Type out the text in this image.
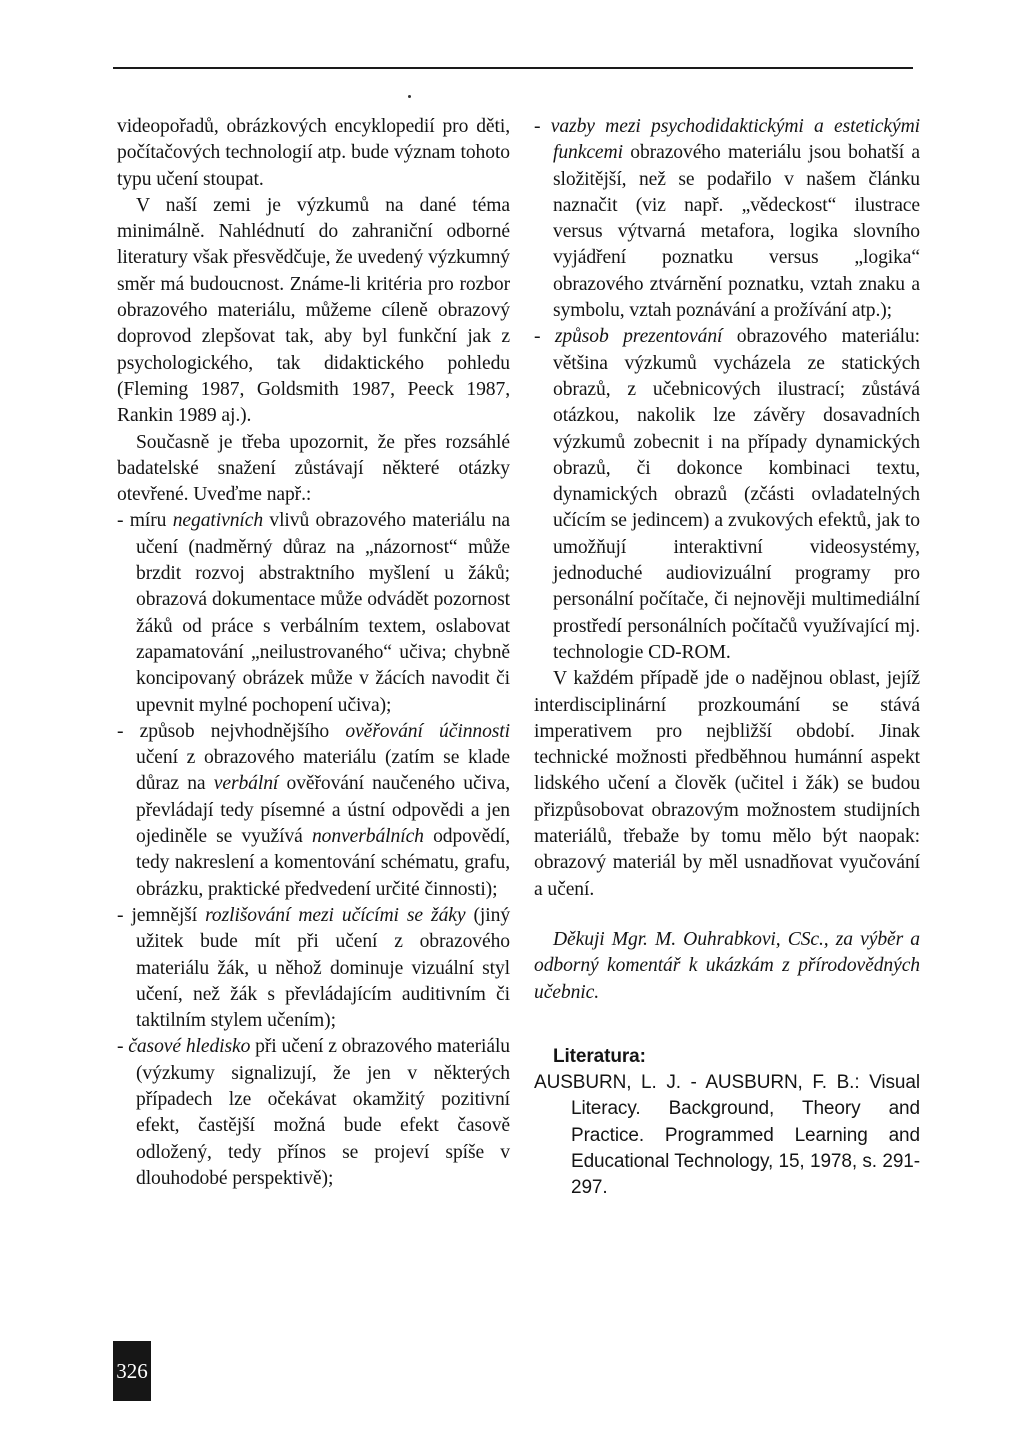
videopořadů, obrázkových encyklopedií pro děti, počítačových technologií atp. bude význam tohoto typu učení stoupat.

V naší zemi je výzkumů na dané téma minimálně. Nahlédnutí do zahraniční odborné literatury však přesvědčuje, že uvedený výzkumný směr má budoucnost. Známe-li kritéria pro rozbor obrazového materiálu, můžeme cíleně obrazový doprovod zlepšovat tak, aby byl funkční jak z psychologického, tak didaktického pohledu (Fleming 1987, Goldsmith 1987, Peeck 1987, Rankin 1989 aj.).

Současně je třeba upozornit, že přes rozsáhlé badatelské snažení zůstávají některé otázky otevřené. Uveďme např.:

- míru negativních vlivů obrazového materiálu na učení (nadměrný důraz na „názornost“ může brzdit rozvoj abstraktního myšlení u žáků; obrazová dokumentace může odvádět pozornost žáků od práce s verbálním textem, oslabovat zapamatování „neilustrovaného“ učiva; chybně koncipovaný obrázek může v žácích navodit či upevnit mylné pochopení učiva);

- způsob nejvhodnějšího ověřování účinnosti učení z obrazového materiálu (zatím se klade důraz na verbální ověřování naučeného učiva, převládají tedy písemné a ústní odpovědi a jen ojediněle se využívá nonverbálních odpovědí, tedy nakreslení a komentování schématu, grafu, obrázku, praktické předvedení určité činnosti);

- jemnější rozlišování mezi učícími se žáky (jiný užitek bude mít při učení z obrazového materiálu žák, u něhož dominuje vizuální styl učení, než žák s převládajícím auditivním či taktilním stylem učením);

- časové hledisko při učení z obrazového materiálu (výzkumy signalizují, že jen v některých případech lze očekávat okamžitý pozitivní efekt, častější možná bude efekt časově odložený, tedy přínos se projeví spíše v dlouhodobé perspektivě);

- vazby mezi psychodidaktickými a estetickými funkcemi obrazového materiálu jsou bohatší a složitější, než se podařilo v našem článku naznačit (viz např. „vědeckost“ ilustrace versus výtvarná metafora, logika slovního vyjádření poznatku versus „logika“ obrazového ztvárnění poznatku, vztah znaku a symbolu, vztah poznávání a prožívání atp.);

- způsob prezentování obrazového materiálu: většina výzkumů vycházela ze statických obrazů, z učebnicových ilustrací; zůstává otázkou, nakolik lze závěry dosavadních výzkumů zobecnit i na případy dynamických obrazů, či dokonce kombinaci textu, dynamických obrazů (zčásti ovladatelných učícím se jedincem) a zvukových efektů, jak to umožňují interaktivní videosystémy, jednoduché audiovizuální programy pro personální počítače, či nejnověji multimediální prostředí personálních počítačů využívající mj. technologie CD-ROM.

V každém případě jde o nadějnou oblast, jejíž interdisciplinární prozkoumání se stává imperativem pro nejbližší období. Jinak technické možnosti předběhnou humánní aspekt lidského učení a člověk (učitel i žák) se budou přizpůsobovat obrazovým možnostem studijních materiálů, třebaže by tomu mělo být naopak: obrazový materiál by měl usnadňovat vyučování a učení.

Děkuji Mgr. M. Ouhrabkovi, CSc., za výběr a odborný komentář k ukázkám z přírodovědných učebnic.

Literatura:

AUSBURN, L. J. - AUSBURN, F. B.: Visual Literacy. Background, Theory and Practice. Programmed Learning and Educational Technology, 15, 1978, s. 291-297.

326
